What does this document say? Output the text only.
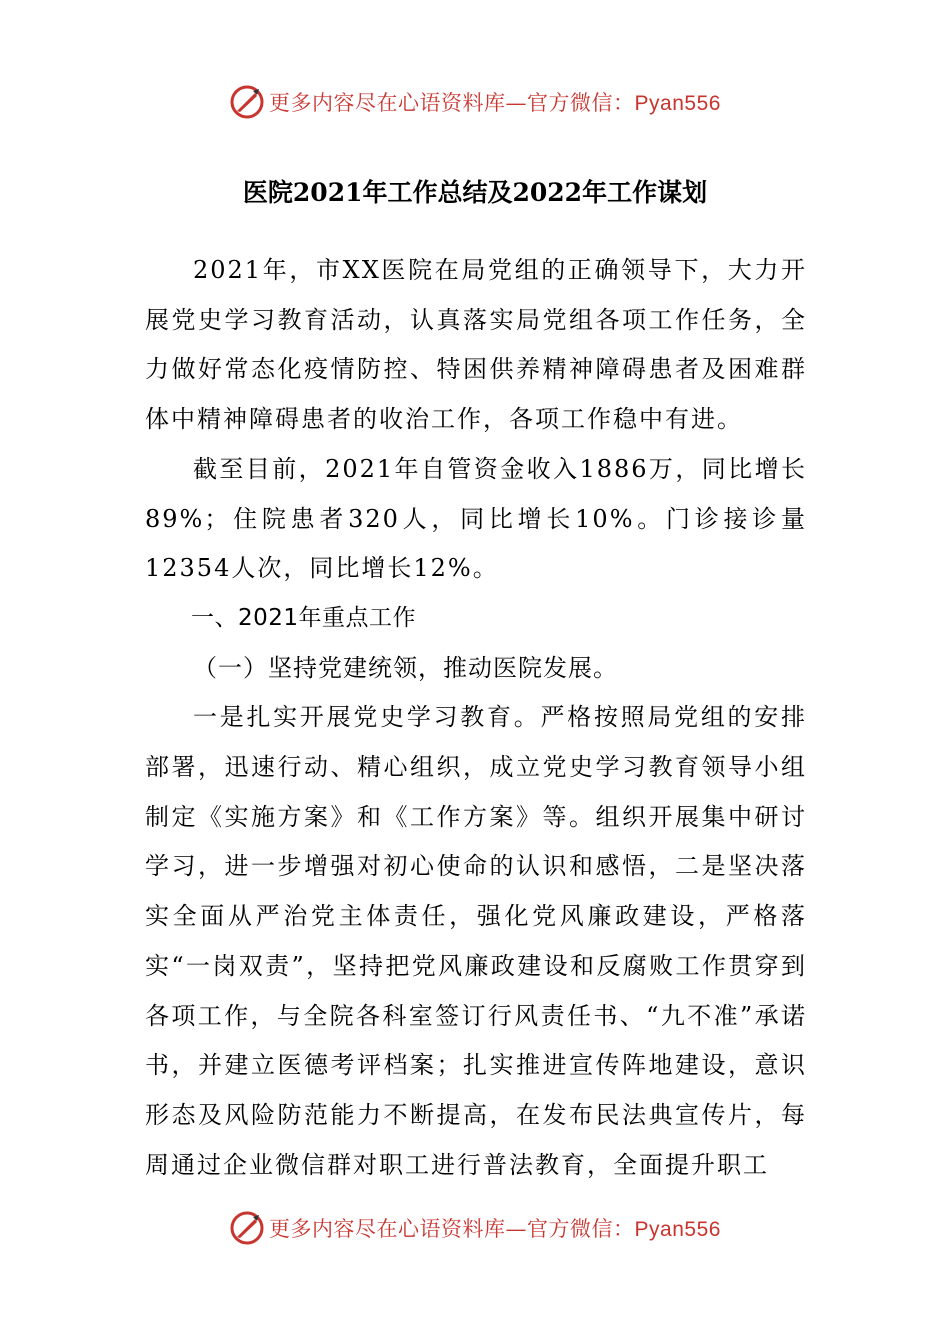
更多内容尽在心语资料库—官方微信：Pyan556
医院2021年工作总结及2022年工作谋划

2021年，市XX医院在局党组的正确领导下，大力开展党史学习教育活动，认真落实局党组各项工作任务，全力做好常态化疫情防控、特困供养精神障碍患者及困难群体中精神障碍患者的收治工作，各项工作稳中有进。

截至目前，2021年自管资金收入1886万，同比增长89%；住院患者320人，同比增长10%。门诊接诊量12354人次，同比增长12%。

一、2021年重点工作

（一）坚持党建统领，推动医院发展。

一是扎实开展党史学习教育。严格按照局党组的安排部署，迅速行动、精心组织，成立党史学习教育领导小组制定《实施方案》和《工作方案》等。组织开展集中研讨学习，进一步增强对初心使命的认识和感悟，二是坚决落实全面从严治党主体责任，强化党风廉政建设，严格落实“一岗双责”，坚持把党风廉政建设和反腐败工作贯穿到各项工作，与全院各科室签订行风责任书、“九不准”承诺书，并建立医德考评档案；扎实推进宣传阵地建设，意识形态及风险防范能力不断提高，在发布民法典宣传片，每周通过企业微信群对职工进行普法教育，全面提升职工

更多内容尽在心语资料库—官方微信：Pyan556
